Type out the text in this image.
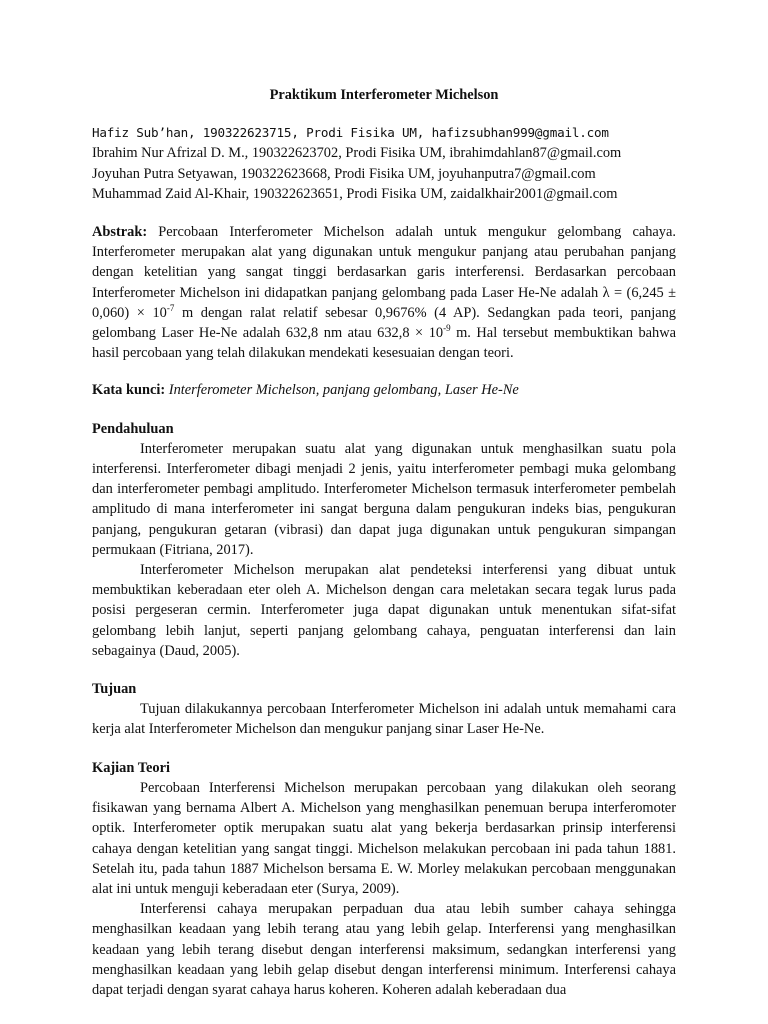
Praktikum Interferometer Michelson
Hafiz Sub’han, 190322623715, Prodi Fisika UM, hafizsubhan999@gmail.com
Ibrahim Nur Afrizal D. M., 190322623702, Prodi Fisika UM, ibrahimdahlan87@gmail.com
Joyuhan Putra Setyawan, 190322623668, Prodi Fisika UM, joyuhanputra7@gmail.com
Muhammad Zaid Al-Khair, 190322623651, Prodi Fisika UM, zaidalkhair2001@gmail.com
Abstrak: Percobaan Interferometer Michelson adalah untuk mengukur gelombang cahaya. Interferometer merupakan alat yang digunakan untuk mengukur panjang atau perubahan panjang dengan ketelitian yang sangat tinggi berdasarkan garis interferensi. Berdasarkan percobaan Interferometer Michelson ini didapatkan panjang gelombang pada Laser He-Ne adalah $\lambda = (6,245 \pm 0,060) \times 10^{-7}$ m dengan ralat relatif sebesar 0,9676% (4 AP). Sedangkan pada teori, panjang gelombang Laser He-Ne adalah 632,8 nm atau $632,8 \times 10^{-9}$ m. Hal tersebut membuktikan bahwa hasil percobaan yang telah dilakukan mendekati kesesuaian dengan teori.
Kata kunci: Interferometer Michelson, panjang gelombang, Laser He-Ne
Pendahuluan

Interferometer merupakan suatu alat yang digunakan untuk menghasilkan suatu pola interferensi. Interferometer dibagi menjadi 2 jenis, yaitu interferometer pembagi muka gelombang dan interferometer pembagi amplitudo. Interferometer Michelson termasuk interferometer pembelah amplitudo di mana interferometer ini sangat berguna dalam pengukuran indeks bias, pengukuran panjang, pengukuran getaran (vibrasi) dan dapat juga digunakan untuk pengukuran simpangan permukaan (Fitriana, 2017).

Interferometer Michelson merupakan alat pendeteksi interferensi yang dibuat untuk membuktikan keberadaan eter oleh A. Michelson dengan cara meletakan secara tegak lurus pada posisi pergeseran cermin. Interferometer juga dapat digunakan untuk menentukan sifat-sifat gelombang lebih lanjut, seperti panjang gelombang cahaya, penguatan interferensi dan lain sebagainya (Daud, 2005).

Tujuan

Tujuan dilakukannya percobaan Interferometer Michelson ini adalah untuk memahami cara kerja alat Interferometer Michelson dan mengukur panjang sinar Laser He-Ne.

Kajian Teori

Percobaan Interferensi Michelson merupakan percobaan yang dilakukan oleh seorang fisikawan yang bernama Albert A. Michelson yang menghasilkan penemuan berupa interferomoter optik. Interferometer optik merupakan suatu alat yang bekerja berdasarkan prinsip interferensi cahaya dengan ketelitian yang sangat tinggi. Michelson melakukan percobaan ini pada tahun 1881. Setelah itu, pada tahun 1887 Michelson bersama E. W. Morley melakukan percobaan menggunakan alat ini untuk menguji keberadaan eter (Surya, 2009).

Interferensi cahaya merupakan perpaduan dua atau lebih sumber cahaya sehingga menghasilkan keadaan yang lebih terang atau yang lebih gelap. Interferensi yang menghasilkan keadaan yang lebih terang disebut dengan interferensi maksimum, sedangkan interferensi yang menghasilkan keadaan yang lebih gelap disebut dengan interferensi minimum. Interferensi cahaya dapat terjadi dengan syarat cahaya harus koheren. Koheren adalah keberadaan dua
